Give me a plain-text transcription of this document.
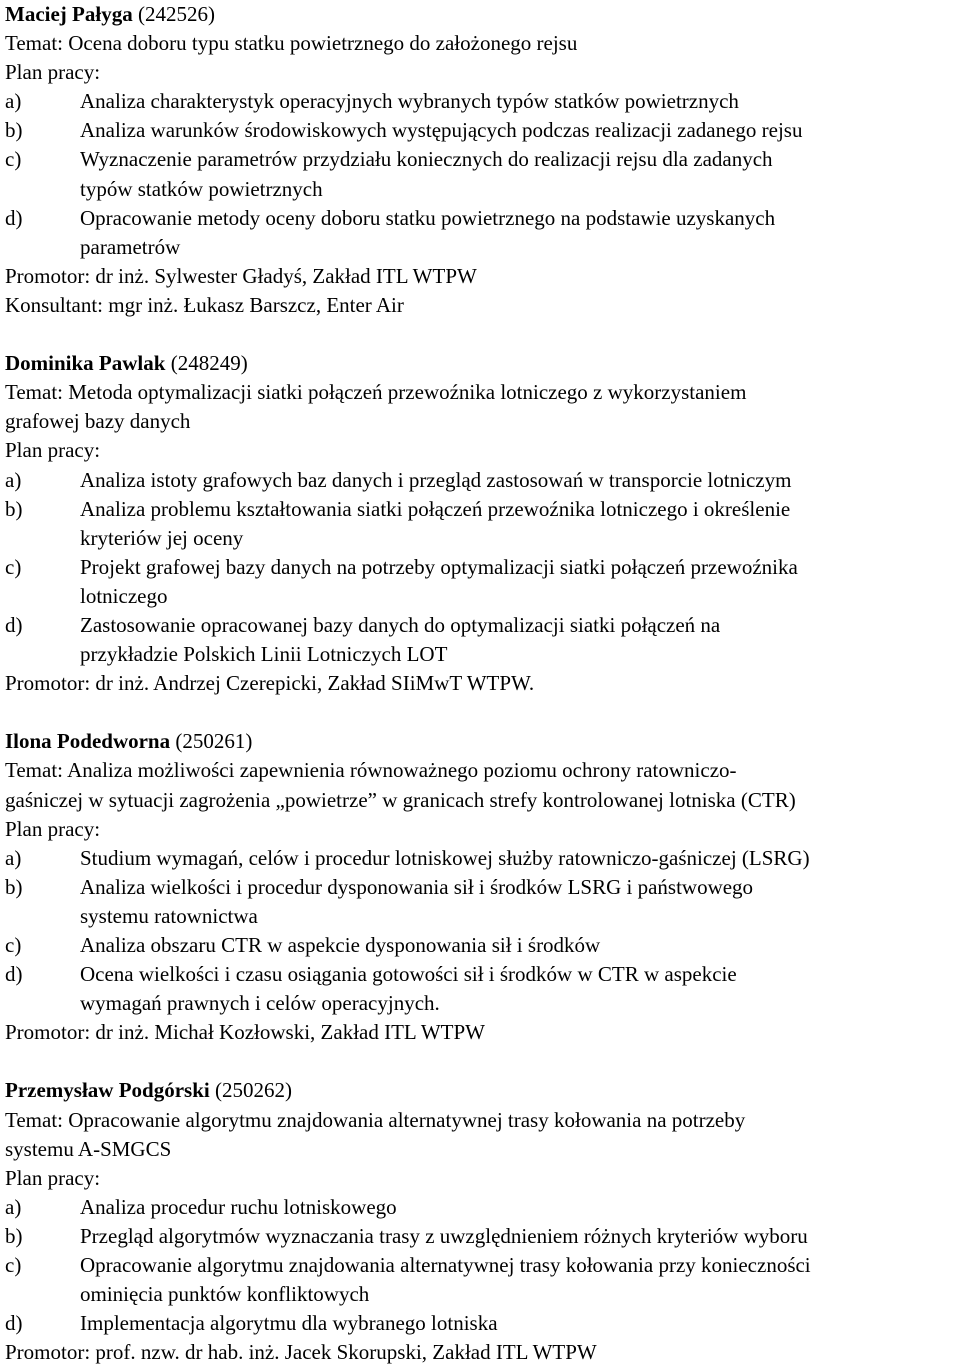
Maciej Pałyga (242526)
Temat: Ocena doboru typu statku powietrznego do założonego rejsu
Plan pracy:
a)	Analiza charakterystyk operacyjnych wybranych typów statków powietrznych
b)	Analiza warunków środowiskowych występujących podczas realizacji zadanego rejsu
c)	Wyznaczenie parametrów przydziału koniecznych do realizacji rejsu dla zadanych
typów statków powietrznych
d)	Opracowanie metody oceny doboru statku powietrznego na podstawie uzyskanych
parametrów
Promotor: dr inż. Sylwester Gładyś, Zakład ITL WTPW
Konsultant: mgr inż. Łukasz Barszcz, Enter Air
Dominika Pawlak (248249)
Temat: Metoda optymalizacji siatki połączeń przewoźnika lotniczego z wykorzystaniem
grafowej bazy danych
Plan pracy:
a)	Analiza istoty grafowych baz danych i przegląd zastosowań w transporcie lotniczym
b)	Analiza problemu kształtowania siatki połączeń przewoźnika lotniczego i określenie
kryteriów jej oceny
c)	Projekt grafowej bazy danych na potrzeby optymalizacji siatki połączeń przewoźnika
lotniczego
d)	Zastosowanie opracowanej bazy danych do optymalizacji siatki połączeń na
przykładzie Polskich Linii Lotniczych LOT
Promotor: dr inż. Andrzej Czerepicki, Zakład SIiMwT WTPW.
Ilona Podedworna (250261)
Temat: Analiza możliwości zapewnienia równoważnego poziomu ochrony ratowniczo-
gaśniczej w sytuacji zagrożenia „powietrze” w granicach strefy kontrolowanej lotniska (CTR)
Plan pracy:
a)	Studium wymagań, celów i procedur lotniskowej służby ratowniczo-gaśniczej (LSRG)
b)	Analiza wielkości i procedur dysponowania sił i środków LSRG i państwowego
systemu ratownictwa
c)	Analiza obszaru CTR w aspekcie dysponowania sił i środków
d)	Ocena wielkości i czasu osiągania gotowości sił i środków w CTR w aspekcie
wymagań prawnych i celów operacyjnych.
Promotor: dr inż. Michał Kozłowski, Zakład ITL WTPW
Przemysław Podgórski (250262)
Temat: Opracowanie algorytmu znajdowania alternatywnej trasy kołowania na potrzeby
systemu A-SMGCS
Plan pracy:
a)	Analiza procedur ruchu lotniskowego
b)	Przegląd algorytmów wyznaczania trasy z uwzględnieniem różnych kryteriów wyboru
c)	Opracowanie algorytmu znajdowania alternatywnej trasy kołowania przy konieczności
ominięcia punktów konfliktowych
d)	Implementacja algorytmu dla wybranego lotniska
Promotor: prof. nzw. dr hab. inż. Jacek Skorupski, Zakład ITL WTPW
